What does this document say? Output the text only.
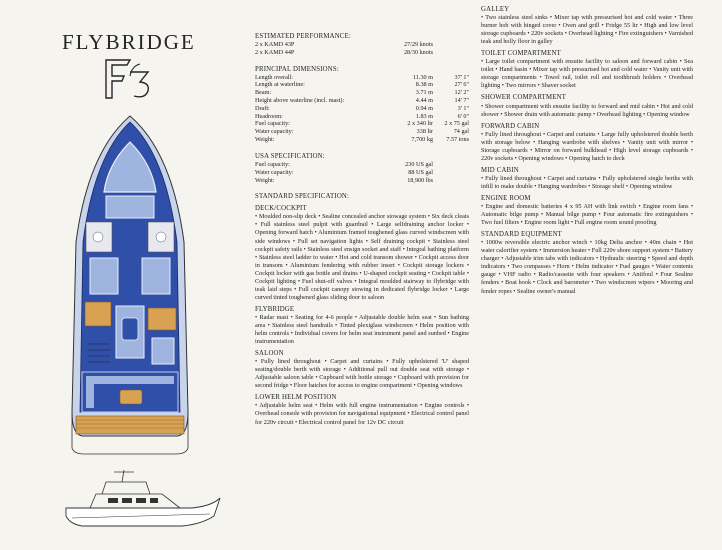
FLYBRIDGE	ESTIMATED PERFORMANCE:
2 x KAMD 43P	27/29 knots	
2 x KAMD 44P	28/30 knots	
PRINCIPAL DIMENSIONS:
Length overall:	11.30 m	37' 1"
Length at waterline:	8.38 m	27' 6"
Beam:	3.71 m	12' 2"
Height above waterline (incl. mast):	4.44 m	14' 7"
Draft:	0.94 m	3' 1"
Headroom:	1.83 m	6' 0"
Fuel capacity:	2 x 340 ltr	2 x 75 gal
Water capacity:	338 ltr	74 gal
Weight:	7,700 kg	7.57 tons
USA SPECIFICATION:
Fuel capacity:	230 US gal	
Water capacity:	88 US gal	
Weight:	18,900 lbs	
STANDARD SPECIFICATION:
DECK/COCKPIT
• Moulded non-slip deck • Sealine concealed anchor stowage system • Six deck cleats • Full stainless steel pulpit with guardrail • Large selfdraining anchor locker • Opening forward hatch • Aluminium framed toughened glass curved windscreen with side windows • Full set navigation lights • Self draining cockpit • Stainless steel cockpit safety rails • Stainless steel ensign socket and staff • Integral bathing platform • Stainless steel ladder to water • Hot and cold transom shower • Cockpit access door in transom • Aluminium fendering with rubber insert • Cockpit storage lockers • Cockpit locker with gas bottle and drains • U-shaped cockpit seating • Cockpit table • Cockpit lighting • Fuel shut-off valves • Integral moulded stairway to flybridge with teak laid steps • Full cockpit canopy stowing in dedicated flybridge locker • Large curved tinted toughened glass sliding door to saloon
FLYBRIDGE
• Radar mast • Seating for 4-6 people • Adjustable double helm seat • Sun bathing area • Stainless steel handrails • Tinted plexiglass windscreen • Helm position with helm controls • Individual covers for helm seat instrument panel and sunbed • Engine instrumentation
SALOON
• Fully lined throughout • Carpet and curtains • Fully upholstered 'U' shaped seating/double berth with storage • Additional pull out double seat with storage • Adjustable saloon table • Cupboard with bottle storage • Cupboard with provision for second fridge • Floor hatches for access to engine compartment • Opening windows
LOWER HELM POSITION
• Adjustable helm seat • Helm with full engine instrumentation • Engine controls • Overhead console with provision for navigational equipment • Electrical control panel for 220v circuit • Electrical control panel for 12v DC circuit
GALLEY
• Two stainless steel sinks • Mixer tap with pressurised hot and cold water • Three burner hob with hinged cover • Oven and grill • Fridge 55 ltr • High and low level storage cupboards • 220v sockets • Overhead lighting • Fire extinguishers • Varnished teak and holly floor in galley
TOILET COMPARTMENT
• Large toilet compartment with ensuite facility to saloon and forward cabin • Sea toilet • Hand basin • Mixer tap with pressurised hot and cold water • Vanity unit with storage compartments • Towel rail, toilet roll and toothbrush holders • Overhead lighting • Two mirrors • Shaver socket
SHOWER COMPARTMENT
• Shower compartment with ensuite facility to forward and mid cabin • Hot and cold shower • Shower drain with automatic pump • Overhead lighting • Opening window
FORWARD CABIN
• Fully lined throughout • Carpet and curtains • Large fully upholstered double berth with storage below • Hanging wardrobe with shelves • Vanity unit with mirror • Storage cupboards • Mirror on forward bulkhead • High level storage cupboards • 220v sockets • Opening windows • Opening hatch to deck
MID CABIN
• Fully lined throughout • Carpet and curtains • Fully upholstered single berths with infill to make double • Hanging wardrobes • Storage shelf • Opening window
ENGINE ROOM
• Engine and domestic batteries 4 x 95 AH with link switch • Engine room fans • Automatic bilge pump • Manual bilge pump • Four automatic fire extinguishers • Two fuel filters • Engine room light • Full engine room sound proofing
STANDARD EQUIPMENT
• 1000w reversible electric anchor winch • 10kg Delta anchor • 40m chain • Hot water calorifier system • Immersion heater • Full 220v shore support system • Battery charger • Adjustable trim tabs with indicators • Hydraulic steering • Speed and depth indicators • Two compasses • Horn • Helm indicator • Fuel gauges • Water contents gauge • VHF radio • Radio/cassette with four speakers • Antifoul • Four Sealine fenders • Boat hook • Clock and barometer • Two windscreen wipers • Mooring and fender ropes • Sealine owner's manual
